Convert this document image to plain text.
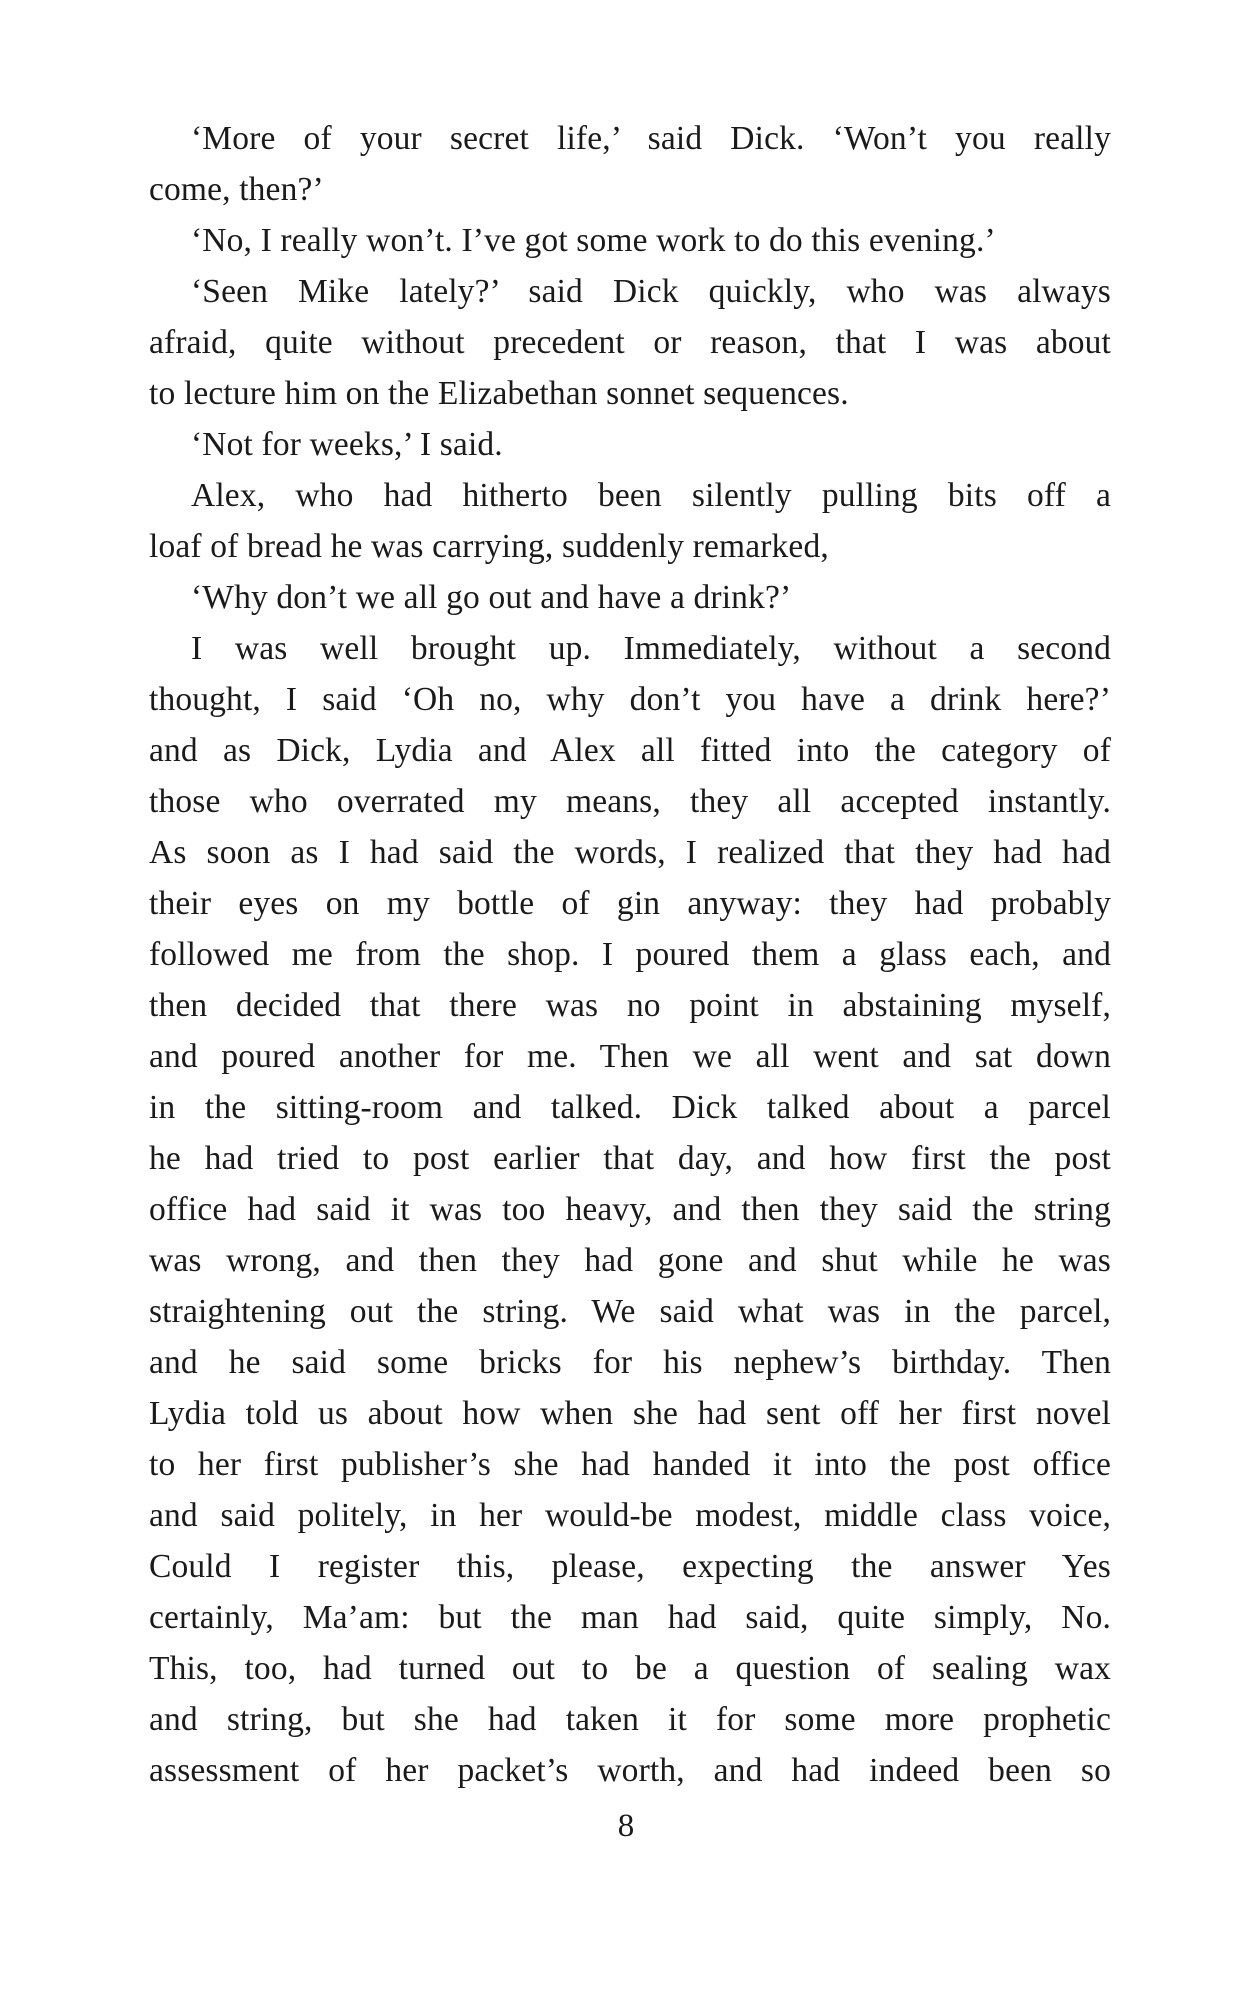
‘More of your secret life,’ said Dick. ‘Won’t you really
come, then?’
‘No, I really won’t. I’ve got some work to do this evening.’
‘Seen Mike lately?’ said Dick quickly, who was always
afraid, quite without precedent or reason, that I was about
to lecture him on the Elizabethan sonnet sequences.
‘Not for weeks,’ I said.
Alex, who had hitherto been silently pulling bits off a
loaf of bread he was carrying, suddenly remarked,
‘Why don’t we all go out and have a drink?’
I was well brought up. Immediately, without a second
thought, I said ‘Oh no, why don’t you have a drink here?’
and as Dick, Lydia and Alex all fitted into the category of
those who overrated my means, they all accepted instantly.
As soon as I had said the words, I realized that they had had
their eyes on my bottle of gin anyway: they had probably
followed me from the shop. I poured them a glass each, and
then decided that there was no point in abstaining myself,
and poured another for me. Then we all went and sat down
in the sitting-room and talked. Dick talked about a parcel
he had tried to post earlier that day, and how first the post
office had said it was too heavy, and then they said the string
was wrong, and then they had gone and shut while he was
straightening out the string. We said what was in the parcel,
and he said some bricks for his nephew’s birthday. Then
Lydia told us about how when she had sent off her first novel
to her first publisher’s she had handed it into the post office
and said politely, in her would-be modest, middle class voice,
Could I register this, please, expecting the answer Yes
certainly, Ma’am: but the man had said, quite simply, No.
This, too, had turned out to be a question of sealing wax
and string, but she had taken it for some more prophetic
assessment of her packet’s worth, and had indeed been so
8
